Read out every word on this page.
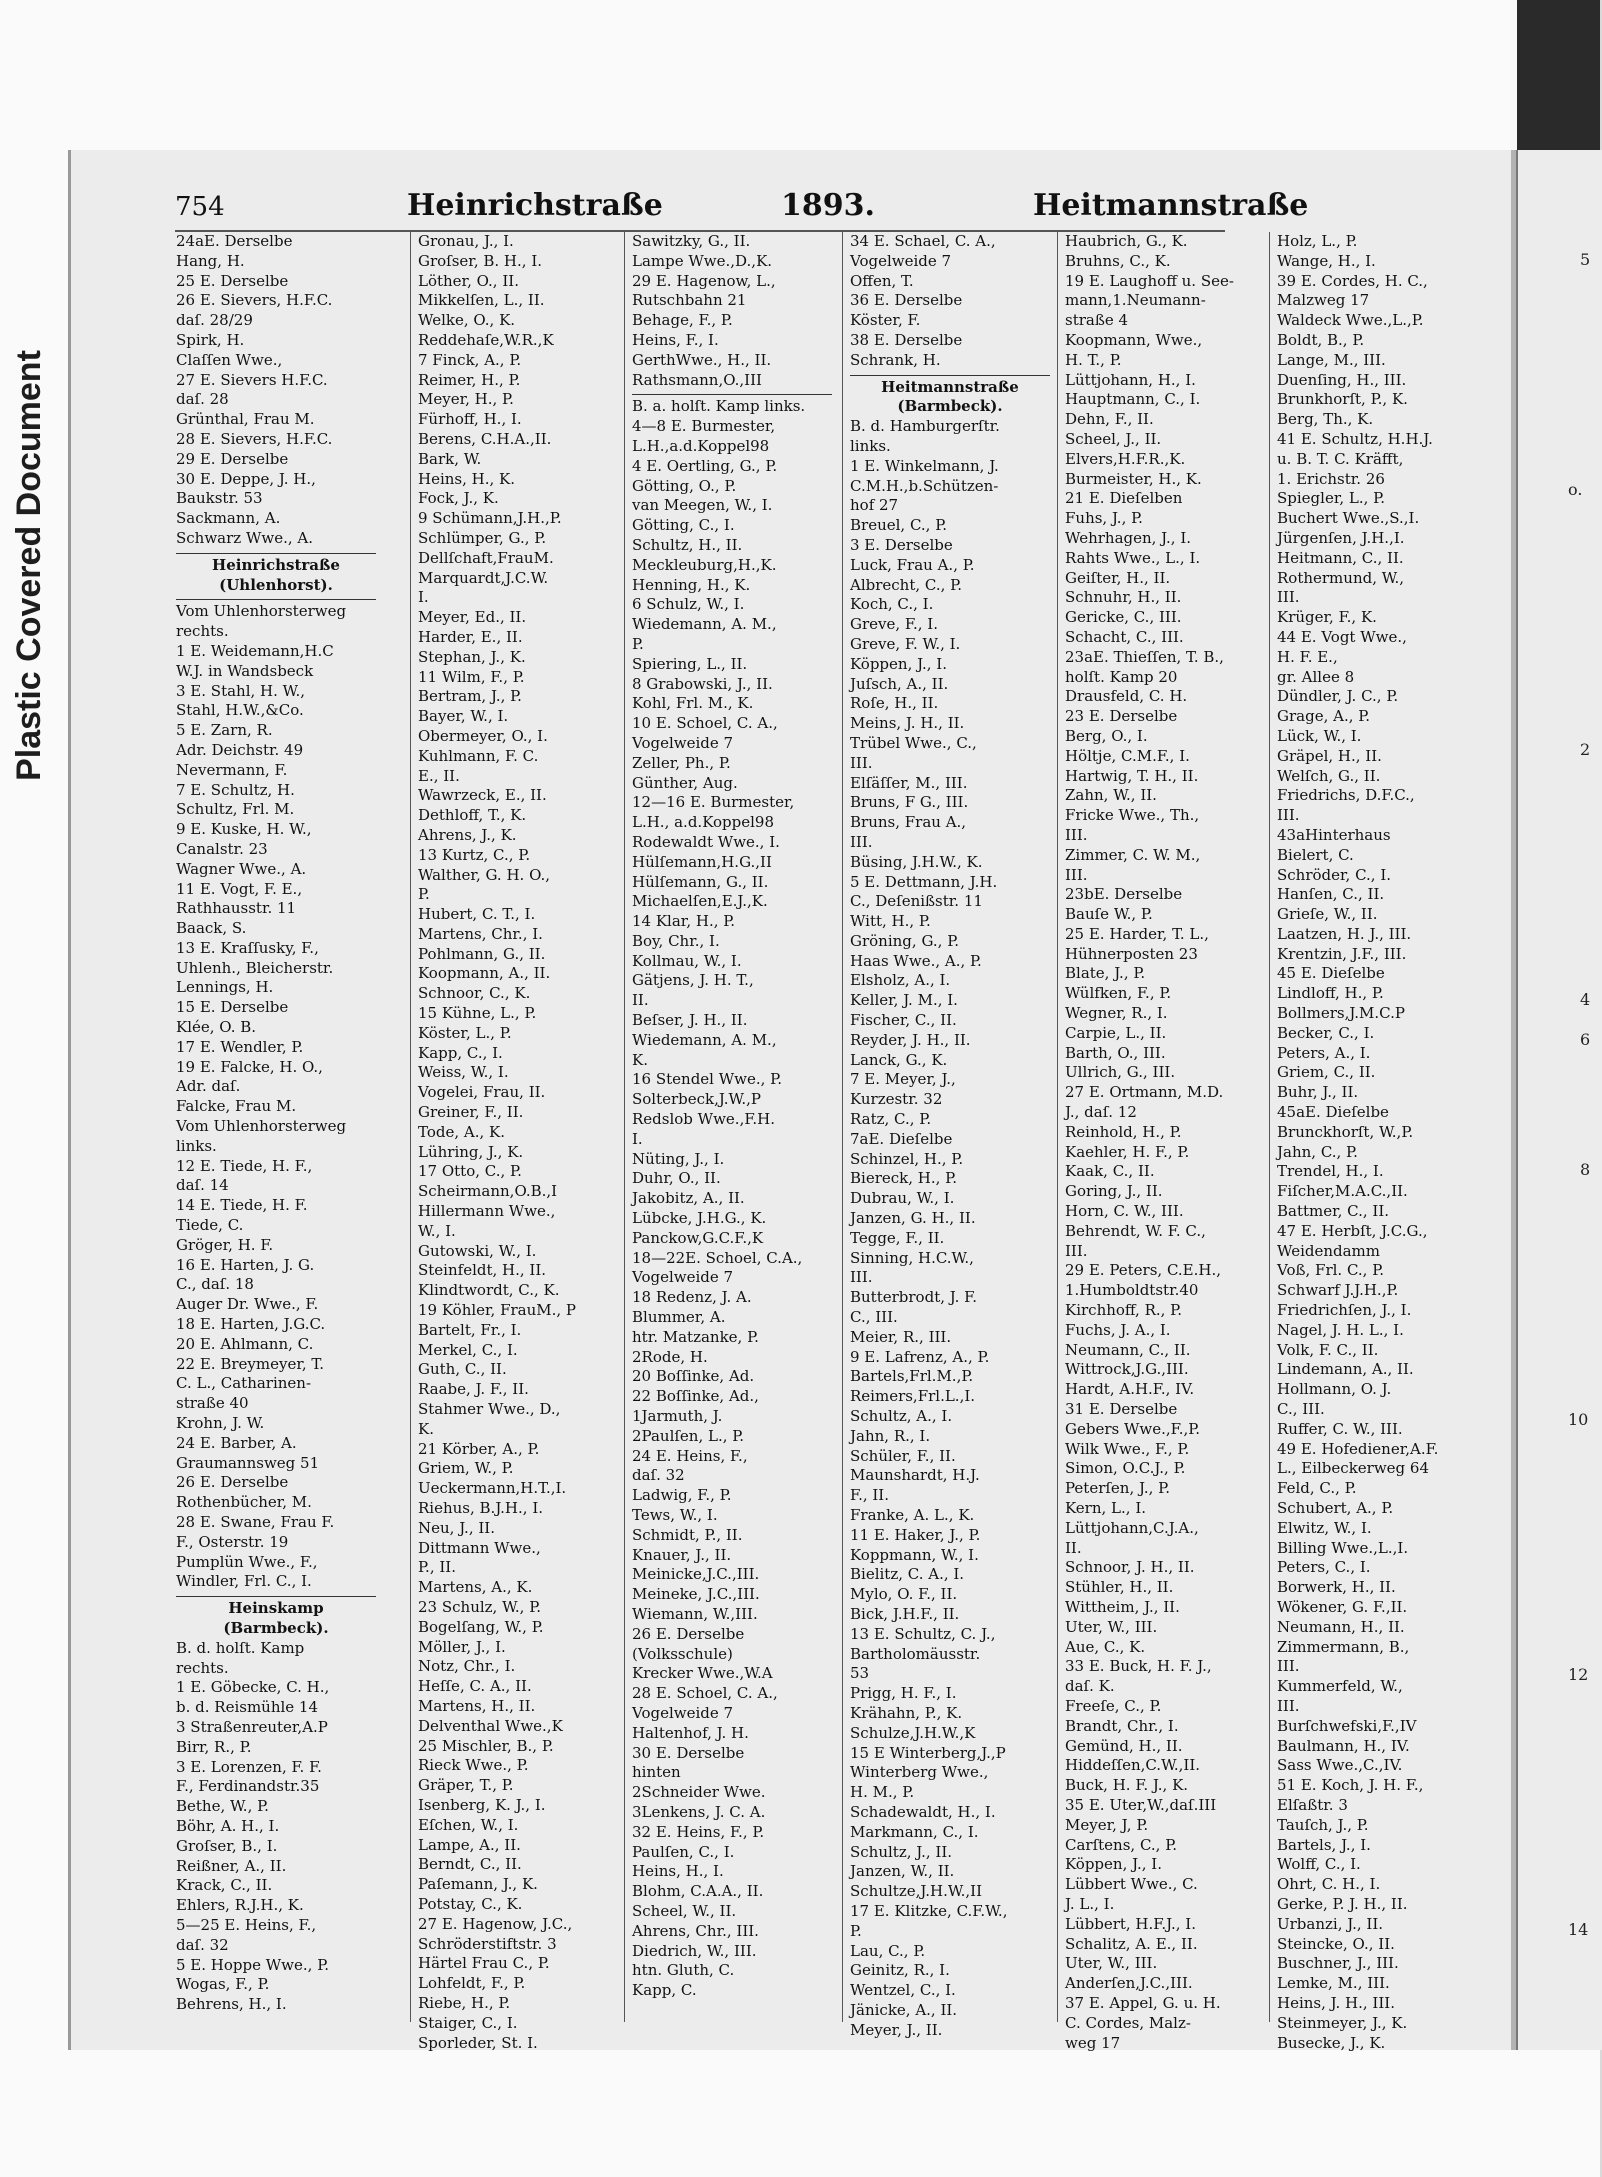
Plastic Covered Document
5
o.
2
4
6
8
10
12
14
754	Heinrichstraße	1893.	Heitmannstraße
24aE. Derselbe
Hang, H.
25 E. Derselbe
26 E. Sievers, H.F.C.
daſ. 28/29
Spirk, H.
Claſſen Wwe.,
27 E. Sievers H.F.C.
daſ. 28
Grünthal, Frau M.
28 E. Sievers, H.F.C.
29 E. Derselbe
30 E. Deppe, J. H.,
Baukstr. 53
Sackmann, A.
Schwarz Wwe., A.
Heinrichstraße
(Uhlenhorst).
Vom Uhlenhorsterweg
rechts.
1 E. Weidemann,H.C
W.J. in Wandsbeck
3 E. Stahl, H. W.,
Stahl, H.W.,&Co.
5 E. Zarn, R.
Adr. Deichstr. 49
Nevermann, F.
7 E. Schultz, H.
Schultz, Frl. M.
9 E. Kuske, H. W.,
Canalstr. 23
Wagner Wwe., A.
11 E. Vogt, F. E.,
Rathhausstr. 11
Baack, S.
13 E. Kraſſusky, F.,
Uhlenh., Bleicherstr.
Lennings, H.
15 E. Derselbe
Klée, O. B.
17 E. Wendler, P.
19 E. Falcke, H. O.,
Adr. daſ.
Falcke, Frau M.
Vom Uhlenhorsterweg
links.
12 E. Tiede, H. F.,
daſ. 14
14 E. Tiede, H. F.
Tiede, C.
Gröger, H. F.
16 E. Harten, J. G.
C., daſ. 18
Auger Dr. Wwe., F.
18 E. Harten, J.G.C.
20 E. Ahlmann, C.
22 E. Breymeyer, T.
C. L., Catharinen-
straße 40
Krohn, J. W.
24 E. Barber, A.
Graumannsweg 51
26 E. Derselbe
Rothenbücher, M.
28 E. Swane, Frau F.
F., Osterstr. 19
Pumplün Wwe., F.,
Windler, Frl. C., I.
Heinskamp
(Barmbeck).
B. d. holſt. Kamp
rechts.
1 E. Göbecke, C. H.,
b. d. Reismühle 14
3 Straßenreuter,A.P
Birr, R., P.
3 E. Lorenzen, F. F.
F., Ferdinandstr.35
Bethe, W., P.
Böhr, A. H., I.
Groſser, B., I.
Reißner, A., II.
Krack, C., II.
Ehlers, R.J.H., K.
5—25 E. Heins, F.,
daſ. 32
5 E. Hoppe Wwe., P.
Wogas, F., P.
Behrens, H., I.
Gronau, J., I.
Groſser, B. H., I.
Löther, O., II.
Mikkelſen, L., II.
Welke, O., K.
Reddehaſe,W.R.,K
7 Finck, A., P.
Reimer, H., P.
Meyer, H., P.
Fürhoff, H., I.
Berens, C.H.A.,II.
Bark, W.
Heins, H., K.
Fock, J., K.
9 Schümann,J.H.,P.
Schlümper, G., P.
Dellſchaft,FrauM.
Marquardt,J.C.W.
I.
Meyer, Ed., II.
Harder, E., II.
Stephan, J., K.
11 Wilm, F., P.
Bertram, J., P.
Bayer, W., I.
Obermeyer, O., I.
Kuhlmann, F. C.
E., II.
Wawrzeck, E., II.
Dethloff, T., K.
Ahrens, J., K.
13 Kurtz, C., P.
Walther, G. H. O.,
P.
Hubert, C. T., I.
Martens, Chr., I.
Pohlmann, G., II.
Koopmann, A., II.
Schnoor, C., K.
15 Kühne, L., P.
Köster, L., P.
Kapp, C., I.
Weiss, W., I.
Vogelei, Frau, II.
Greiner, F., II.
Tode, A., K.
Lühring, J., K.
17 Otto, C., P.
Scheirmann,O.B.,I
Hillermann Wwe.,
W., I.
Gutowski, W., I.
Steinfeldt, H., II.
Klindtwordt, C., K.
19 Köhler, FrauM., P
Bartelt, Fr., I.
Merkel, C., I.
Guth, C., II.
Raabe, J. F., II.
Stahmer Wwe., D.,
K.
21 Körber, A., P.
Griem, W., P.
Ueckermann,H.T.,I.
Riehus, B.J.H., I.
Neu, J., II.
Dittmann Wwe.,
P., II.
Martens, A., K.
23 Schulz, W., P.
Bogelſang, W., P.
Möller, J., I.
Notz, Chr., I.
Heſſe, C. A., II.
Martens, H., II.
Delventhal Wwe.,K
25 Mischler, B., P.
Rieck Wwe., P.
Gräper, T., P.
Isenberg, K. J., I.
Eſchen, W., I.
Lampe, A., II.
Berndt, C., II.
Paſemann, J., K.
Potstay, C., K.
27 E. Hagenow, J.C.,
Schröderstiftstr. 3
Härtel Frau C., P.
Lohfeldt, F., P.
Riebe, H., P.
Staiger, C., I.
Sporleder, St. I.
Sawitzky, G., II.
Lampe Wwe.,D.,K.
29 E. Hagenow, L.,
Rutschbahn 21
Behage, F., P.
Heins, F., I.
GerthWwe., H., II.
Rathsmann,O.,III
B. a. holſt. Kamp links.
4—8 E. Burmester,
L.H.,a.d.Koppel98
4 E. Oertling, G., P.
Götting, O., P.
van Meegen, W., I.
Götting, C., I.
Schultz, H., II.
Meckleuburg,H.,K.
Henning, H., K.
6 Schulz, W., I.
Wiedemann, A. M.,
P.
Spiering, L., II.
8 Grabowski, J., II.
Kohl, Frl. M., K.
10 E. Schoel, C. A.,
Vogelweide 7
Zeller, Ph., P.
Günther, Aug.
12—16 E. Burmester,
L.H., a.d.Koppel98
Rodewaldt Wwe., I.
Hülſemann,H.G.,II
Hülſemann, G., II.
Michaelſen,E.J.,K.
14 Klar, H., P.
Boy, Chr., I.
Kollmau, W., I.
Gätjens, J. H. T.,
II.
Beſser, J. H., II.
Wiedemann, A. M.,
K.
16 Stendel Wwe., P.
Solterbeck,J.W.,P
Redslob Wwe.,F.H.
I.
Nüting, J., I.
Duhr, O., II.
Jakobitz, A., II.
Lübcke, J.H.G., K.
Panckow,G.C.F.,K
18—22E. Schoel, C.A.,
Vogelweide 7
18 Redenz, J. A.
Blummer, A.
htr. Matzanke, P.
2Rode, H.
20 Boſſinke, Ad.
22 Boſſinke, Ad.,
1Jarmuth, J.
2Paulſen, L., P.
24 E. Heins, F.,
daſ. 32
Ladwig, F., P.
Tews, W., I.
Schmidt, P., II.
Knauer, J., II.
Meinicke,J.C.,III.
Meineke, J.C.,III.
Wiemann, W.,III.
26 E. Derselbe
(Volksschule)
Krecker Wwe.,W.A
28 E. Schoel, C. A.,
Vogelweide 7
Haltenhof, J. H.
30 E. Derselbe
hinten
2Schneider Wwe.
3Lenkens, J. C. A.
32 E. Heins, F., P.
Paulſen, C., I.
Heins, H., I.
Blohm, C.A.A., II.
Scheel, W., II.
Ahrens, Chr., III.
Diedrich, W., III.
htn. Gluth, C.
Kapp, C.
34 E. Schael, C. A.,
Vogelweide 7
Offen, T.
36 E. Derselbe
Köster, F.
38 E. Derselbe
Schrank, H.
Heitmannstraße
(Barmbeck).
B. d. Hamburgerſtr.
links.
1 E. Winkelmann, J.
C.M.H.,b.Schützen-
hof 27
Breuel, C., P.
3 E. Derselbe
Luck, Frau A., P.
Albrecht, C., P.
Koch, C., I.
Greve, F., I.
Greve, F. W., I.
Köppen, J., I.
Juſsch, A., II.
Roſe, H., II.
Meins, J. H., II.
Trübel Wwe., C.,
III.
Elſäſſer, M., III.
Bruns, F G., III.
Bruns, Frau A.,
III.
Büsing, J.H.W., K.
5 E. Dettmann, J.H.
C., Deſenißstr. 11
Witt, H., P.
Gröning, G., P.
Haas Wwe., A., P.
Elsholz, A., I.
Keller, J. M., I.
Fischer, C., II.
Reyder, J. H., II.
Lanck, G., K.
7 E. Meyer, J.,
Kurzestr. 32
Ratz, C., P.
7aE. Dieſelbe
Schinzel, H., P.
Biereck, H., P.
Dubrau, W., I.
Janzen, G. H., II.
Tegge, F., II.
Sinning, H.C.W.,
III.
Butterbrodt, J. F.
C., III.
Meier, R., III.
9 E. Lafrenz, A., P.
Bartels,Frl.M.,P.
Reimers,Frl.L.,I.
Schultz, A., I.
Jahn, R., I.
Schüler, F., II.
Maunshardt, H.J.
F., II.
Franke, A. L., K.
11 E. Haker, J., P.
Koppmann, W., I.
Bielitz, C. A., I.
Mylo, O. F., II.
Bick, J.H.F., II.
13 E. Schultz, C. J.,
Bartholomäusstr.
53
Prigg, H. F., I.
Krähahn, P., K.
Schulze,J.H.W.,K
15 E Winterberg,J.,P
Winterberg Wwe.,
H. M., P.
Schadewaldt, H., I.
Markmann, C., I.
Schultz, J., II.
Janzen, W., II.
Schultze,J.H.W.,II
17 E. Klitzke, C.F.W.,
P.
Lau, C., P.
Geinitz, R., I.
Wentzel, C., I.
Jänicke, A., II.
Meyer, J., II.
Haubrich, G., K.
Bruhns, C., K.
19 E. Laughoff u. See-
mann,1.Neumann-
straße 4
Koopmann, Wwe.,
H. T., P.
Lüttjohann, H., I.
Hauptmann, C., I.
Dehn, F., II.
Scheel, J., II.
Elvers,H.F.R.,K.
Burmeister, H., K.
21 E. Dieſelben
Fuhs, J., P.
Wehrhagen, J., I.
Rahts Wwe., L., I.
Geiſter, H., II.
Schnuhr, H., II.
Gericke, C., III.
Schacht, C., III.
23aE. Thieſſen, T. B.,
holſt. Kamp 20
Drausfeld, C. H.
23 E. Derselbe
Berg, O., I.
Höltje, C.M.F., I.
Hartwig, T. H., II.
Zahn, W., II.
Fricke Wwe., Th.,
III.
Zimmer, C. W. M.,
III.
23bE. Derselbe
Bauſe W., P.
25 E. Harder, T. L.,
Hühnerposten 23
Blate, J., P.
Wülfken, F., P.
Wegner, R., I.
Carpie, L., II.
Barth, O., III.
Ullrich, G., III.
27 E. Ortmann, M.D.
J., daſ. 12
Reinhold, H., P.
Kaehler, H. F., P.
Kaak, C., II.
Goring, J., II.
Horn, C. W., III.
Behrendt, W. F. C.,
III.
29 E. Peters, C.E.H.,
1.Humboldtstr.40
Kirchhoff, R., P.
Fuchs, J. A., I.
Neumann, C., II.
Wittrock,J.G.,III.
Hardt, A.H.F., IV.
31 E. Derselbe
Gebers Wwe.,F.,P.
Wilk Wwe., F., P.
Simon, O.C.J., P.
Peterſen, J., P.
Kern, L., I.
Lüttjohann,C.J.A.,
II.
Schnoor, J. H., II.
Stühler, H., II.
Wittheim, J., II.
Uter, W., III.
Aue, C., K.
33 E. Buck, H. F. J.,
daſ. K.
Freeſe, C., P.
Brandt, Chr., I.
Gemünd, H., II.
Hiddeſſen,C.W.,II.
Buck, H. F. J., K.
35 E. Uter,W.,daſ.III
Meyer, J, P.
Carſtens, C., P.
Köppen, J., I.
Lübbert Wwe., C.
J. L., I.
Lübbert, H.F.J., I.
Schalitz, A. E., II.
Uter, W., III.
Anderſen,J.C.,III.
37 E. Appel, G. u. H.
C. Cordes, Malz-
weg 17
Holz, L., P.
Wange, H., I.
39 E. Cordes, H. C.,
Malzweg 17
Waldeck Wwe.,L.,P.
Boldt, B., P.
Lange, M., III.
Duenſing, H., III.
Brunkhorſt, P., K.
Berg, Th., K.
41 E. Schultz, H.H.J.
u. B. T. C. Kräfft,
1. Erichstr. 26
Spiegler, L., P.
Buchert Wwe.,S.,I.
Jürgenſen, J.H.,I.
Heitmann, C., II.
Rothermund, W.,
III.
Krüger, F., K.
44 E. Vogt Wwe.,
H. F. E.,
gr. Allee 8
Dündler, J. C., P.
Grage, A., P.
Lück, W., I.
Gräpel, H., II.
Welſch, G., II.
Friedrichs, D.F.C.,
III.
43aHinterhaus
Bielert, C.
Schröder, C., I.
Hanſen, C., II.
Grieſe, W., II.
Laatzen, H. J., III.
Krentzin, J.F., III.
45 E. Dieſelbe
Lindloff, H., P.
Bollmers,J.M.C.P
Becker, C., I.
Peters, A., I.
Griem, C., II.
Buhr, J., II.
45aE. Dieſelbe
Brunckhorſt, W.,P.
Jahn, C., P.
Trendel, H., I.
Fiſcher,M.A.C.,II.
Battmer, C., II.
47 E. Herbſt, J.C.G.,
Weidendamm
Voß, Frl. C., P.
Schwarf J.J.H.,P.
Friedrichſen, J., I.
Nagel, J. H. L., I.
Volk, F. C., II.
Lindemann, A., II.
Hollmann, O. J.
C., III.
Ruffer, C. W., III.
49 E. Hofediener,A.F.
L., Eilbeckerweg 64
Feld, C., P.
Schubert, A., P.
Elwitz, W., I.
Billing Wwe.,L.,I.
Peters, C., I.
Borwerk, H., II.
Wökener, G. F.,II.
Neumann, H., II.
Zimmermann, B.,
III.
Kummerfeld, W.,
III.
Burſchwefski,F.,IV
Baulmann, H., IV.
Sass Wwe.,C.,IV.
51 E. Koch, J. H. F.,
Elſaßtr. 3
Tauſch, J., P.
Bartels, J., I.
Wolff, C., I.
Ohrt, C. H., I.
Gerke, P. J. H., II.
Urbanzi, J., II.
Steincke, O., II.
Buschner, J., III.
Lemke, M., III.
Heins, J. H., III.
Steinmeyer, J., K.
Busecke, J., K.
